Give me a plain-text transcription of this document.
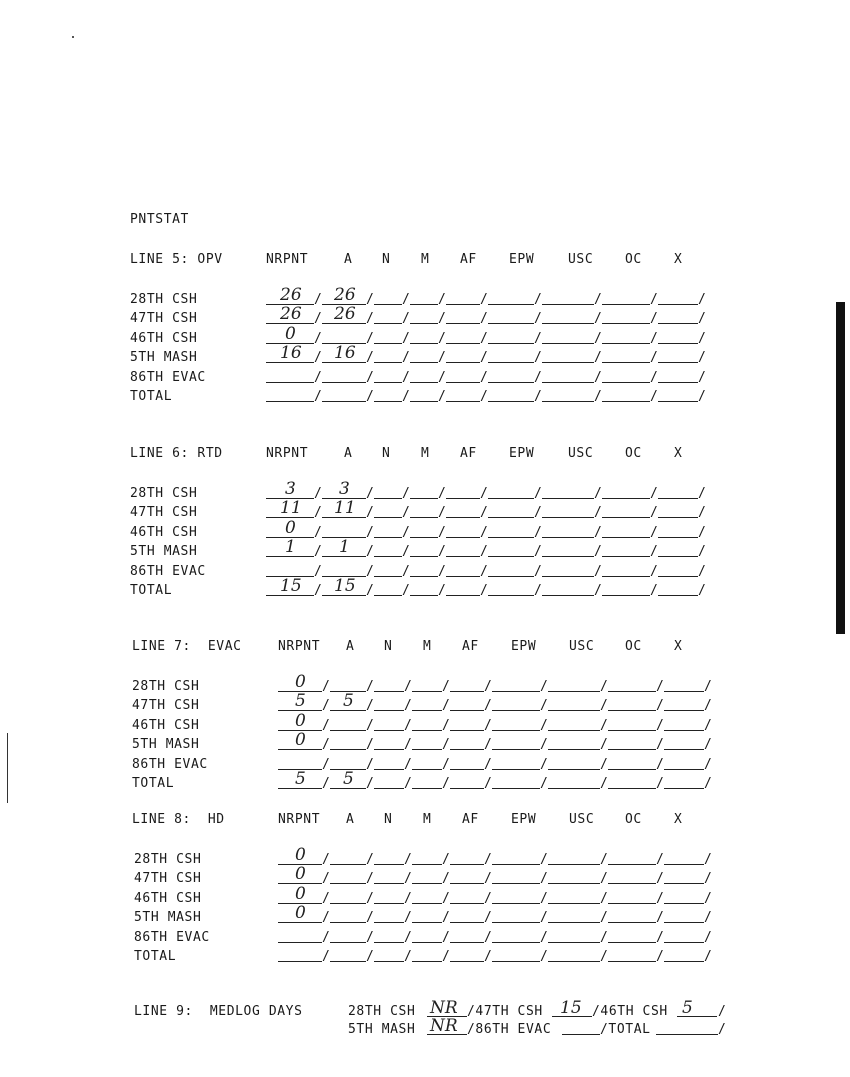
PNTSTAT
LINE 5: OPV	NRPNT	A N M AF EPW	USC OC X
28TH CSH	26 / 26 / / /	/	/	/	/	/
47TH CSH	26 / 26 / / /	/	/	/	/	/
46TH CSH	0 /	/ / /	/	/	/	/	/
5TH MASH	16 / 16 / / /	/	/	/	/	/
86TH EVAC	/	/ / /	/	/	/	/	/
TOTAL	/	/ / /	/	/	/	/	/
LINE 6: RTD	NRPNT	A N M AF EPW	USC OC X
28TH CSH	3 / 3 / / /	/	/	/	/	/
47TH CSH	11 / 11 / / /	/	/	/	/	/
46TH CSH	0 /	/ / /	/	/	/	/	/
5TH MASH	1 / 1 / / /	/	/	/	/	/
86TH EVAC	/	/ / /	/	/	/	/	/
TOTAL	15 / 15 / / /	/	/	/	/	/
LINE 7:  EVAC	NRPNT A N M AF EPW	USC OC X
28TH CSH	0 /	/ / /	/	/	/	/	/
47TH CSH	5 / 5 / / /	/	/	/	/	/
46TH CSH	0 /	/ / /	/	/	/	/	/
5TH MASH	0 /	/ / /	/	/	/	/	/
86TH EVAC	/	/ / /	/	/	/	/	/
TOTAL	5 / 5 / / /	/	/	/	/	/
LINE 8:  HD	NRPNT A N M AF EPW	USC OC X
28TH CSH	0 /	/ / /	/	/	/	/	/
47TH CSH	0 /	/ / /	/	/	/	/	/
46TH CSH	0 /	/ / /	/	/	/	/	/
5TH MASH	0 /	/ / /	/	/	/	/	/
86TH EVAC	/	/ / /	/	/	/	/	/
TOTAL	/	/ / /	/	/	/	/	/
LINE 9:  MEDLOG DAYS	28TH CSH NR /47TH CSH 15 /46TH CSH 5 /
5TH MASH NR /86TH EVAC	/TOTAL	/
